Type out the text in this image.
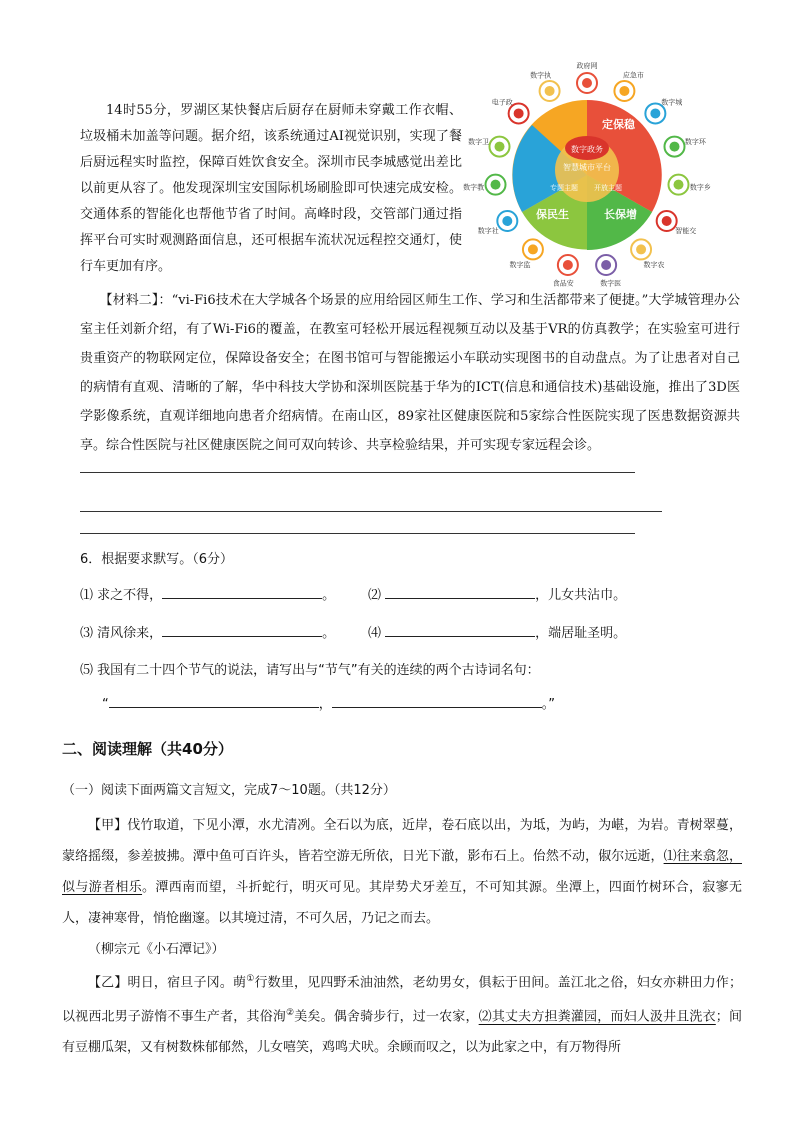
14时55分，罗湖区某快餐店后厨存在厨师未穿戴工作衣帽、垃圾桶未加盖等问题。据介绍，该系统通过AI视觉识别，实现了餐后厨远程实时监控，保障百姓饮食安全。深圳市民李城感觉出差比以前更从容了。他发现深圳宝安国际机场刷脸即可快速完成安检。交通体系的智能化也帮他节省了时间。高峰时段，交管部门通过指挥平台可实时观测路面信息，还可根据车流状况远程控交通灯，使行车更加有序。
数字政务
智慧城市平台
定保稳
保民生	长保增
专题主题 开放主题
政府网
应急市
数字城
数字环
数字乡
智能交
数字农
数字医
食品安
数字监
数字社
数字教
数字卫
电子政
数字执
【材料二】：“vi-Fi6技术在大学城各个场景的应用给园区师生工作、学习和生活都带来了便捷。”大学城管理办公室主任刘新介绍，有了Wi-Fi6的覆盖，在教室可轻松开展远程视频互动以及基于VR的仿真教学；在实验室可进行贵重资产的物联网定位，保障设备安全；在图书馆可与智能搬运小车联动实现图书的自动盘点。为了让患者对自己的病情有直观、清晰的了解，华中科技大学协和深圳医院基于华为的ICT(信息和通信技术)基础设施，推出了3D医学影像系统，直观详细地向患者介绍病情。在南山区，89家社区健康医院和5家综合性医院实现了医患数据资源共享。综合性医院与社区健康医院之间可双向转诊、共享检验结果，并可实现专家远程会诊。
6．根据要求默写。（6分）
⑴ 求之不得，	。	⑵	，儿女共沾巾。
⑶ 清风徐来，	。	⑷	，端居耻圣明。
⑸ 我国有二十四个节气的说法，请写出与“节气”有关的连续的两个古诗词名句：
“	，	。”
二、阅读理解（共40分）
（一）阅读下面两篇文言短文，完成7～10题。（共12分）
【甲】伐竹取道，下见小潭，水尤清冽。全石以为底，近岸，卷石底以出，为坻，为屿，为嵁，为岩。青树翠蔓，蒙络摇缀，参差披拂。潭中鱼可百许头，皆若空游无所依，日光下澈，影布石上。佁然不动，俶尔远逝，⑴往来翕忽，似与游者相乐。潭西南而望，斗折蛇行，明灭可见。其岸势犬牙差互，不可知其源。坐潭上，四面竹树环合，寂寥无人，凄神寒骨，悄怆幽邃。以其境过清，不可久居，乃记之而去。
（柳宗元《小石潭记》）
【乙】明日，宿旦子冈。萌①行数里，见四野禾油油然，老幼男女，俱耘于田间。盖江北之俗，妇女亦耕田力作；以视西北男子游惰不事生产者，其俗洵②美矣。偶舍骑步行，过一农家，⑵其丈夫方担粪灌园，而妇人汲井且洗衣；间有豆棚瓜架，又有树数株郁郁然，儿女嘻笑，鸡鸣犬吠。余顾而叹之，以为此家之中，有万物得所
